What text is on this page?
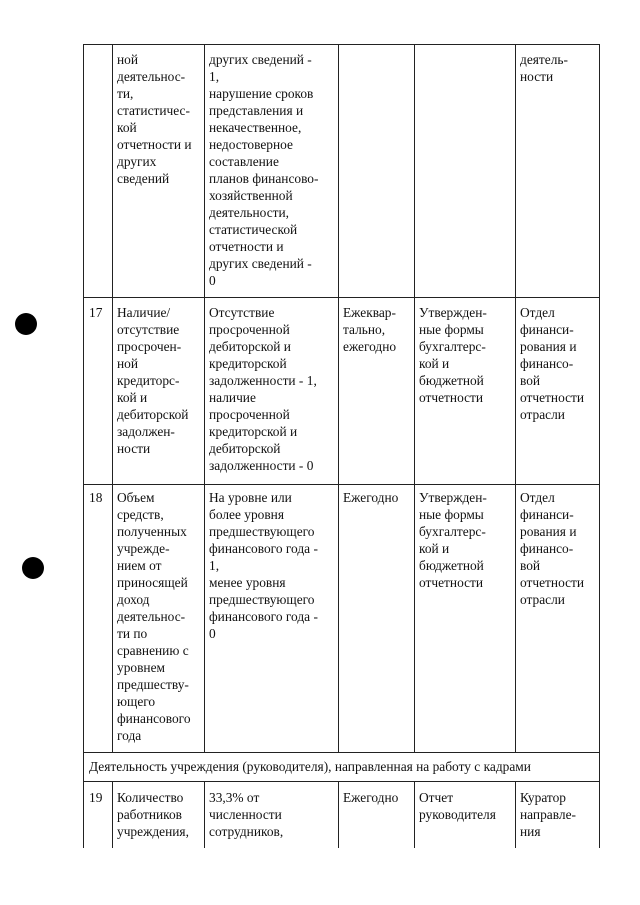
ной
деятельнос-
ти,
статистичес-
кой
отчетности и
других
сведений
других сведений -
1,
нарушение сроков
представления и
некачественное,
недостоверное
составление
планов финансово-
хозяйственной
деятельности,
статистической
отчетности и
других сведений -
0
деятель-
ности
17 Наличие/
отсутствие
просрочен-
ной
кредиторс-
кой и
дебиторской
задолжен-
ности
Отсутствие
просроченной
дебиторской и
кредиторской
задолженности - 1,
наличие
просроченной
кредиторской и
дебиторской
задолженности - 0
Ежеквар-
тально,
ежегодно
Утвержден-
ные формы
бухгалтерс-
кой и
бюджетной
отчетности
Отдел
финанси-
рования и
финансо-
вой
отчетности
отрасли
18 Объем
средств,
полученных
учрежде-
нием от
приносящей
доход
деятельнос-
ти по
сравнению с
уровнем
предшеству-
ющего
финансового
года
На уровне или
более уровня
предшествующего
финансового года -
1,
менее уровня
предшествующего
финансового года -
0
Ежегодно Утвержден-
ные формы
бухгалтерс-
кой и
бюджетной
отчетности
Отдел
финанси-
рования и
финансо-
вой
отчетности
отрасли
Деятельность учреждения (руководителя), направленная на работу с кадрами
19 Количество
работников
учреждения,
33,3% от
численности
сотрудников,
Ежегодно Отчет
руководителя
Куратор
направле-
ния
